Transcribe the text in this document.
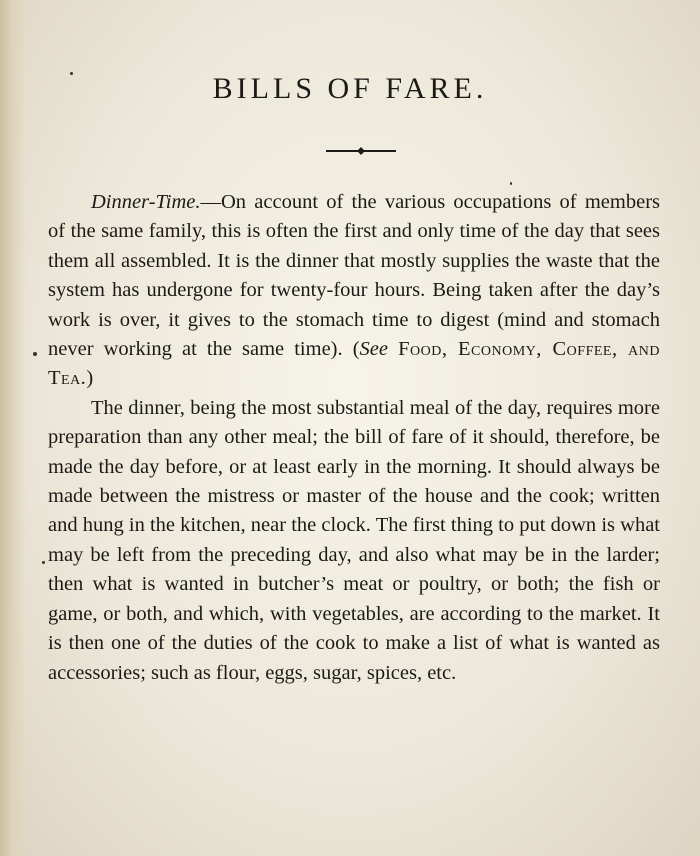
BILLS OF FARE.

Dinner-Time.—On account of the various occupations of members of the same family, this is often the first and only time of the day that sees them all assembled. It is the dinner that mostly supplies the waste that the system has undergone for twenty-four hours. Being taken after the day’s work is over, it gives to the stomach time to digest (mind and stomach never working at the same time). (See Food, Economy, Coffee, and Tea.)

The dinner, being the most substantial meal of the day, requires more preparation than any other meal; the bill of fare of it should, therefore, be made the day before, or at least early in the morning. It should always be made between the mistress or master of the house and the cook; written and hung in the kitchen, near the clock. The first thing to put down is what may be left from the preceding day, and also what may be in the larder; then what is wanted in butcher’s meat or poultry, or both; the fish or game, or both, and which, with vegetables, are according to the market. It is then one of the duties of the cook to make a list of what is wanted as accessories; such as flour, eggs, sugar, spices, etc.
